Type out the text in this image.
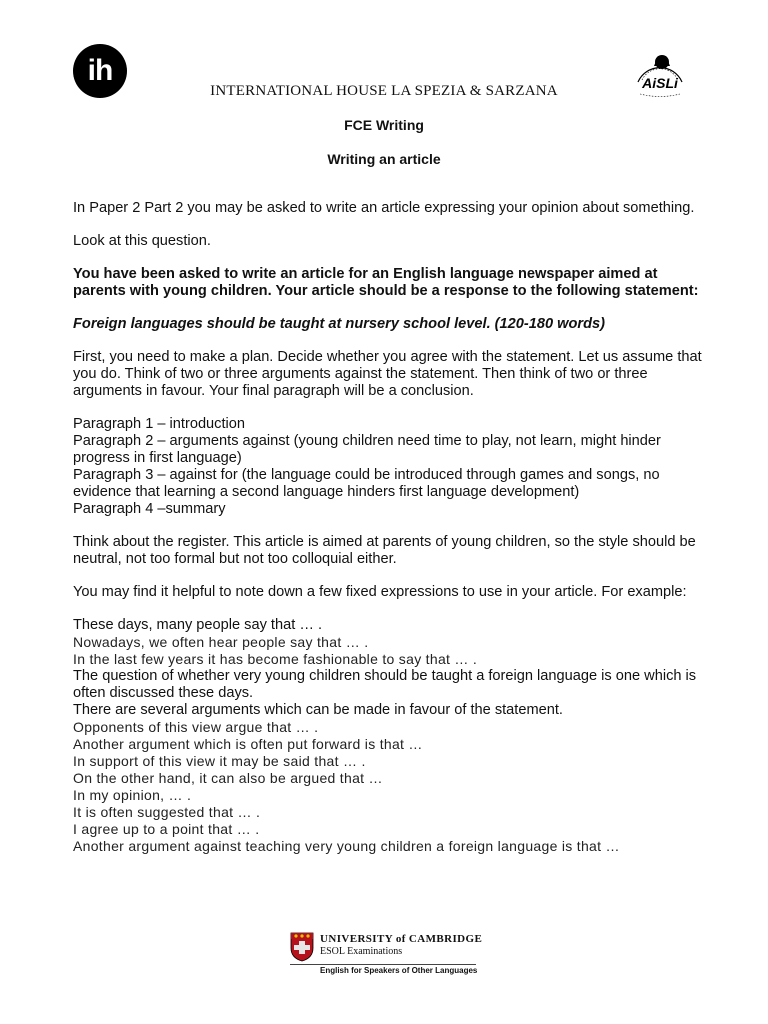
ih	AiSLi
INTERNATIONAL HOUSE LA SPEZIA & SARZANA
FCE Writing
Writing an article

In Paper 2 Part 2 you may be asked to write an article expressing your opinion about something.

Look at this question.

You have been asked to write an article for an English language newspaper aimed at parents with young children. Your article should be a response to the following statement:

Foreign languages should be taught at nursery school level. (120-180 words)

First, you need to make a plan. Decide whether you agree with the statement. Let us assume that you do. Think of two or three arguments against the statement. Then think of two or three arguments in favour. Your final paragraph will be a conclusion.

Paragraph 1 – introduction
Paragraph 2 – arguments against (young children need time to play, not learn, might hinder progress in first language)
Paragraph 3 – against for (the language could be introduced through games and songs, no evidence that learning a second language hinders first language development)
Paragraph 4 –summary

Think about the register. This article is aimed at parents of young children, so the style should be neutral, not too formal but not too colloquial either.

You may find it helpful to note down a few fixed expressions to use in your article. For example:

These days, many people say that … .
Nowadays, we often hear people say that … .
In the last few years it has become fashionable to say that … .
The question of whether very young children should be taught a foreign language is one which is often discussed these days.
There are several arguments which can be made in favour of the statement.
Opponents of this view argue that … .
Another argument which is often put forward is that …
In support of this view it may be said that … .
On the other hand, it can also be argued that …
In my opinion, … .
It is often suggested that … .
I agree up to a point that … .
Another argument against teaching very young children a foreign language is that …
UNIVERSITY of CAMBRIDGE
ESOL Examinations
English for Speakers of Other Languages
